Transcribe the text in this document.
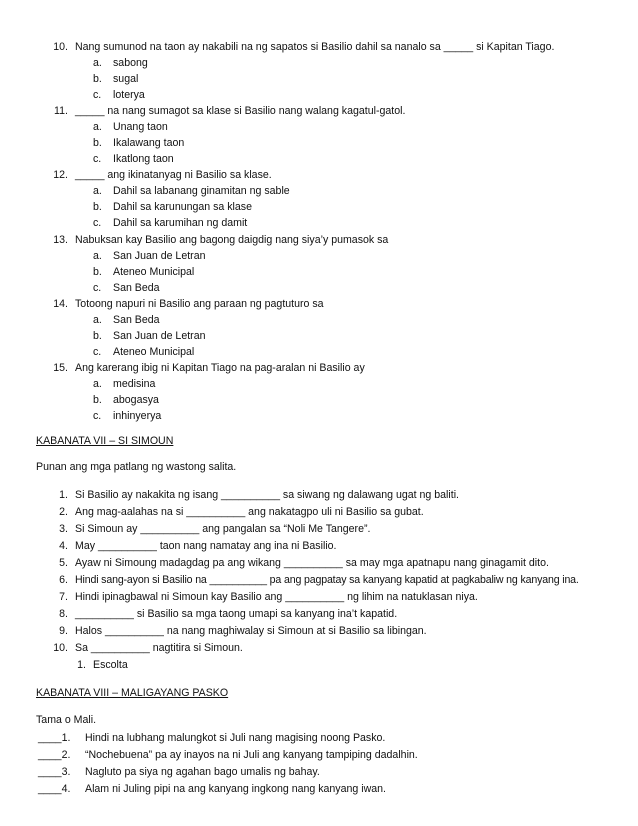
10. Nang sumunod na taon ay nakabili na ng sapatos si Basilio dahil sa nanalo sa _____ si Kapitan Tiago.
a. sabong
b. sugal
c. loterya
11. _____ na nang sumagot sa klase si Basilio nang walang kagatul-gatol.
a. Unang taon
b. Ikalawang taon
c. Ikatlong taon
12. _____ ang ikinatanyag ni Basilio sa klase.
a. Dahil sa labanang ginamitan ng sable
b. Dahil sa karunungan sa klase
c. Dahil sa karumihan ng damit
13. Nabuksan kay Basilio ang bagong daigdig nang siya’y pumasok sa
a. San Juan de Letran
b. Ateneo Municipal
c. San Beda
14. Totoong napuri ni Basilio ang paraan ng pagtuturo sa
a. San Beda
b. San Juan de Letran
c. Ateneo Municipal
15. Ang karerang ibig ni Kapitan Tiago na pag-aralan ni Basilio ay
a. medisina
b. abogasya
c. inhinyerya
KABANATA VII – SI SIMOUN
Punan ang mga patlang ng wastong salita.
1. Si Basilio ay nakakita ng isang __________ sa siwang ng dalawang ugat ng baliti.
2. Ang mag-aalahas na si __________ ang nakatagpo uli ni Basilio sa gubat.
3. Si Simoun ay __________ ang pangalan sa “Noli Me Tangere”.
4. May __________ taon nang namatay ang ina ni Basilio.
5. Ayaw ni Simoung madagdag pa ang wikang __________ sa may mga apatnapu nang ginagamit dito.
6. Hindi sang-ayon si Basilio na __________ pa ang pagpatay sa kanyang kapatid at pagkabaliw ng kanyang ina.
7. Hindi ipinagbawal ni Simoun kay Basilio ang __________ ng lihim na natuklasan niya.
8. __________ si Basilio sa mga taong umapi sa kanyang ina’t kapatid.
9. Halos __________ na nang maghiwalay si Simoun at si Basilio sa libingan.
10. Sa __________ nagtitira si Simoun.
1. Escolta
KABANATA VIII – MALIGAYANG PASKO
Tama o Mali.
____1. Hindi na lubhang malungkot si Juli nang magising noong Pasko.
____2. “Nochebuena” pa ay inayos na ni Juli ang kanyang tampiping dadalhin.
____3. Nagluto pa siya ng agahan bago umalis ng bahay.
____4. Alam ni Juling pipi na ang kanyang ingkong nang kanyang iwan.
